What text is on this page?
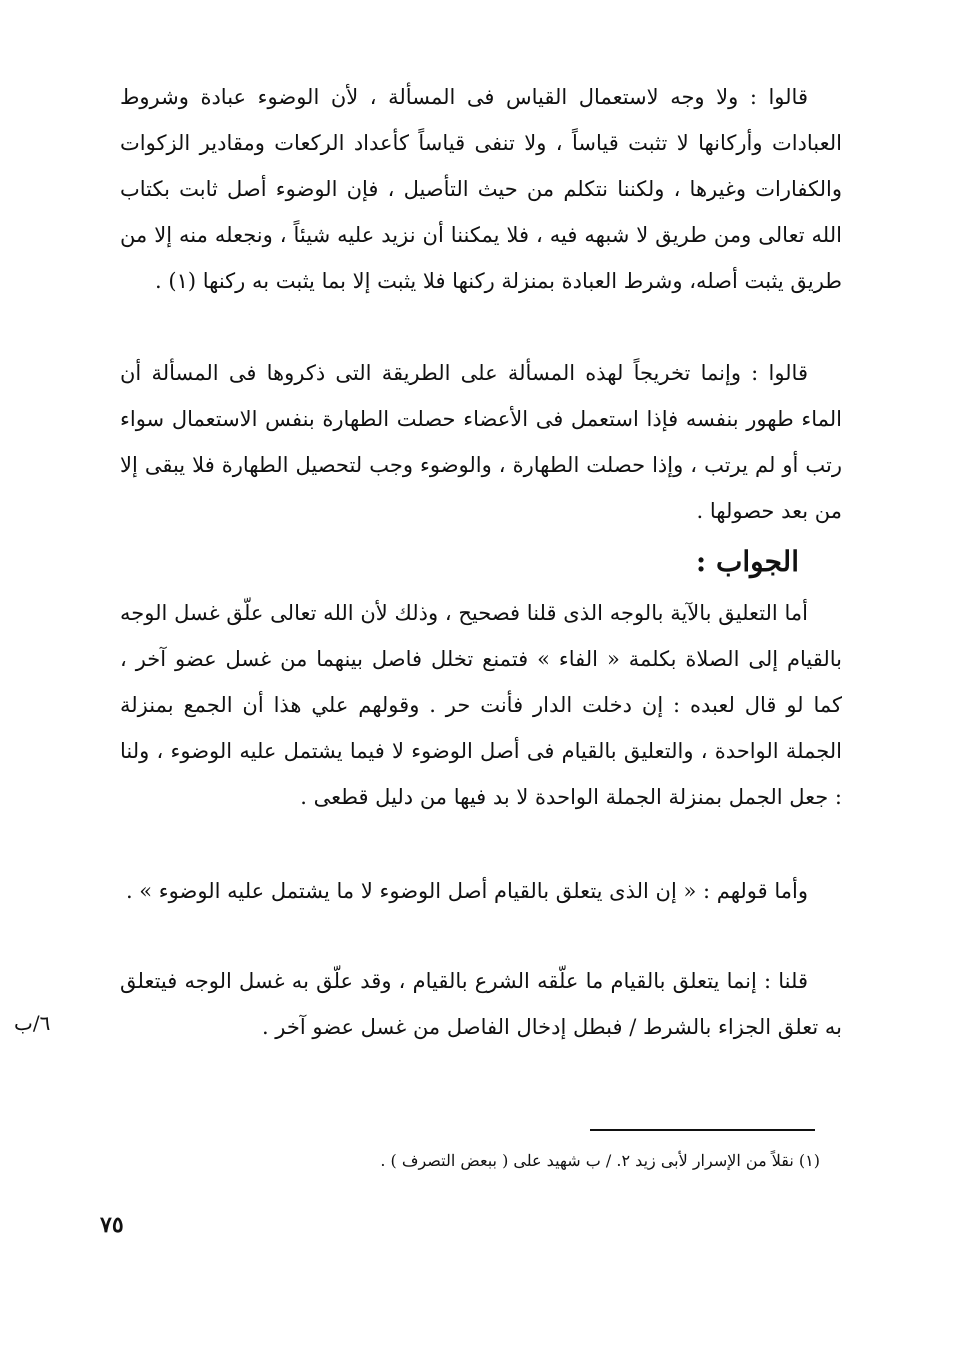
قالوا : ولا وجه لاستعمال القياس فى المسألة ، لأن الوضوء عبادة وشروط العبادات وأركانها لا تثبت قياساً ، ولا تنفى قياساً كأعداد الركعات ومقادير الزكوات والكفارات وغيرها ، ولكننا نتكلم من حيث التأصيل ، فإن الوضوء أصل ثابت بكتاب الله تعالى ومن طريق لا شبهه فيه ، فلا يمكننا أن نزيد عليه شيئاً ، ونجعله منه إلا من طريق يثبت أصله، وشرط العبادة بمنزلة ركنها فلا يثبت إلا بما يثبت به ركنها (١) .

قالوا : وإنما تخريجاً لهذه المسألة على الطريقة التى ذكروها فى المسألة أن الماء طهور بنفسه فإذا استعمل فى الأعضاء حصلت الطهارة بنفس الاستعمال سواء رتب أو لم يرتب ، وإذا حصلت الطهارة ، والوضوء وجب لتحصيل الطهارة فلا يبقى إلا من بعد حصولها .

الجواب :

أما التعليق بالآية بالوجه الذى قلنا فصحيح ، وذلك لأن الله تعالى علّق غسل الوجه بالقيام إلى الصلاة بكلمة « الفاء » فتمنع تخلل فاصل بينهما من غسل عضو آخر ، كما لو قال لعبده : إن دخلت الدار فأنت حر . وقولهم علي هذا أن الجمع بمنزلة الجملة الواحدة ، والتعليق بالقيام فى أصل الوضوء لا فيما يشتمل عليه الوضوء ، ولنا : جعل الجمل بمنزلة الجملة الواحدة لا بد فيها من دليل قطعى .

وأما قولهم : « إن الذى يتعلق بالقيام أصل الوضوء لا ما يشتمل عليه الوضوء » .

قلنا : إنما يتعلق بالقيام ما علّقه الشرع بالقيام ، وقد علّق به غسل الوجه فيتعلق به تعلق الجزاء بالشرط / فبطل إدخال الفاصل من غسل عضو آخر .

٦/ب
(١) نقلاً من الإسرار لأبى زيد ٢. / ب شهيد على ( ببعض التصرف ) .
٧٥
